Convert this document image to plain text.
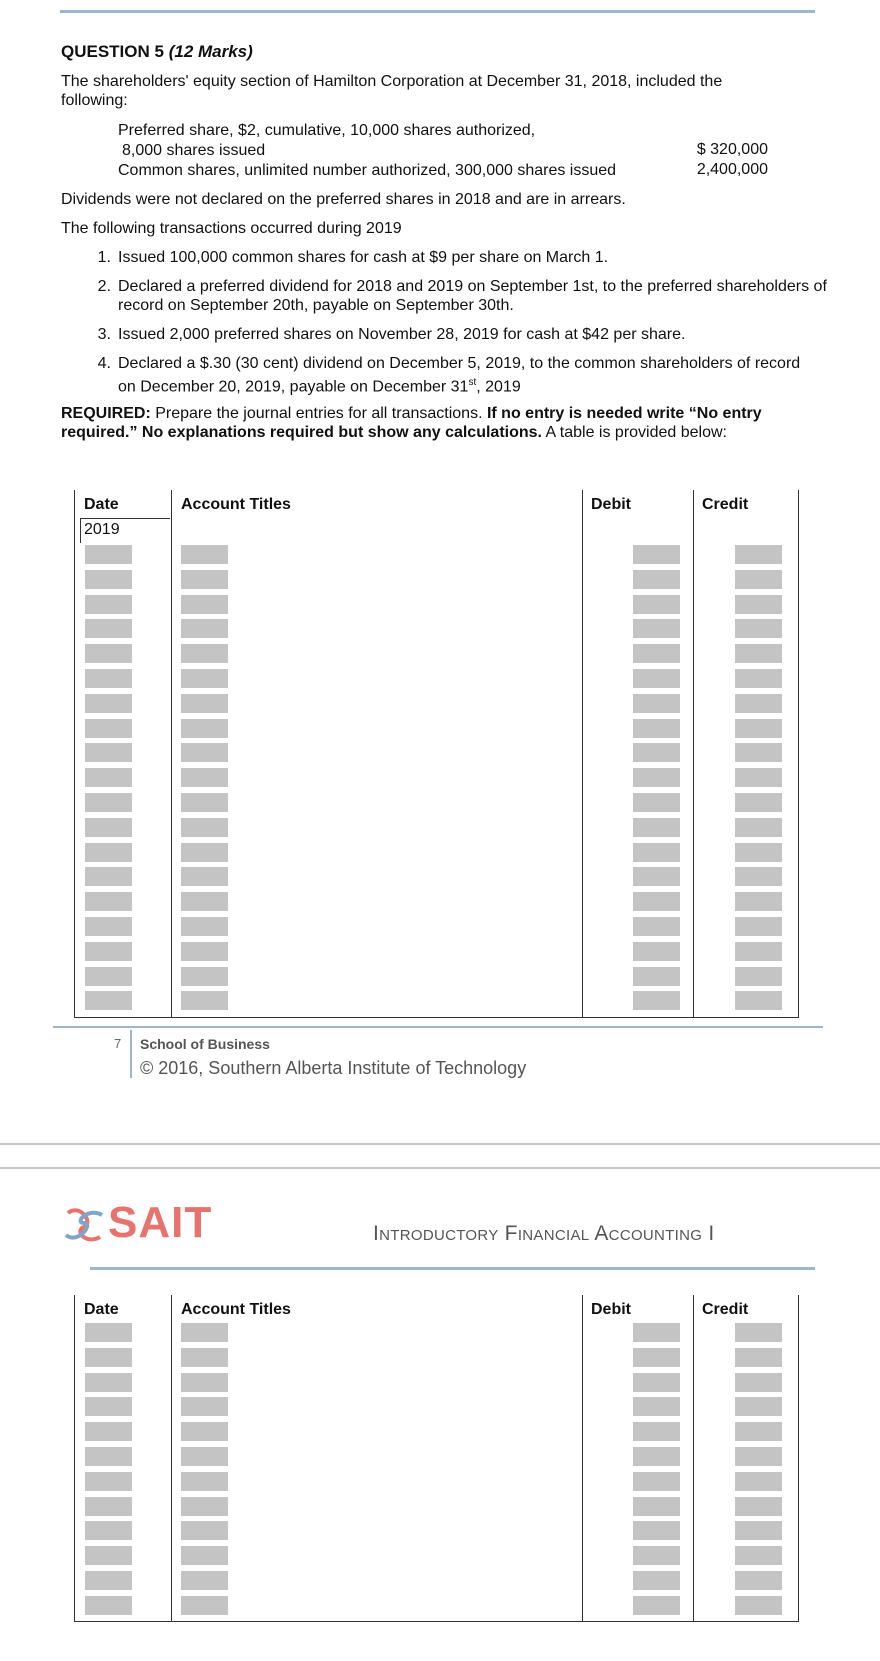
QUESTION 5 (12 Marks)
The shareholders' equity section of Hamilton Corporation at December 31, 2018, included the
following:
Preferred share, $2, cumulative, 10,000 shares authorized,
8,000 shares issued	$ 320,000
Common shares, unlimited number authorized, 300,000 shares issued	2,400,000
Dividends were not declared on the preferred shares in 2018 and are in arrears.
The following transactions occurred during 2019
1. Issued 100,000 common shares for cash at $9 per share on March 1.
2. Declared a preferred dividend for 2018 and 2019 on September 1st, to the preferred shareholders of record on September 20th, payable on September 30th.
3. Issued 2,000 preferred shares on November 28, 2019 for cash at $42 per share.
4. Declared a $.30 (30 cent) dividend on December 5, 2019, to the common shareholders of record on December 20, 2019, payable on December 31st, 2019
REQUIRED: Prepare the journal entries for all transactions. If no entry is needed write “No entry required.” No explanations required but show any calculations. A table is provided below:
Date	Account Titles	Debit	Credit
2019
7 School of Business
© 2016, Southern Alberta Institute of Technology
SAIT	Introductory Financial Accounting I
Date	Account Titles	Debit	Credit
